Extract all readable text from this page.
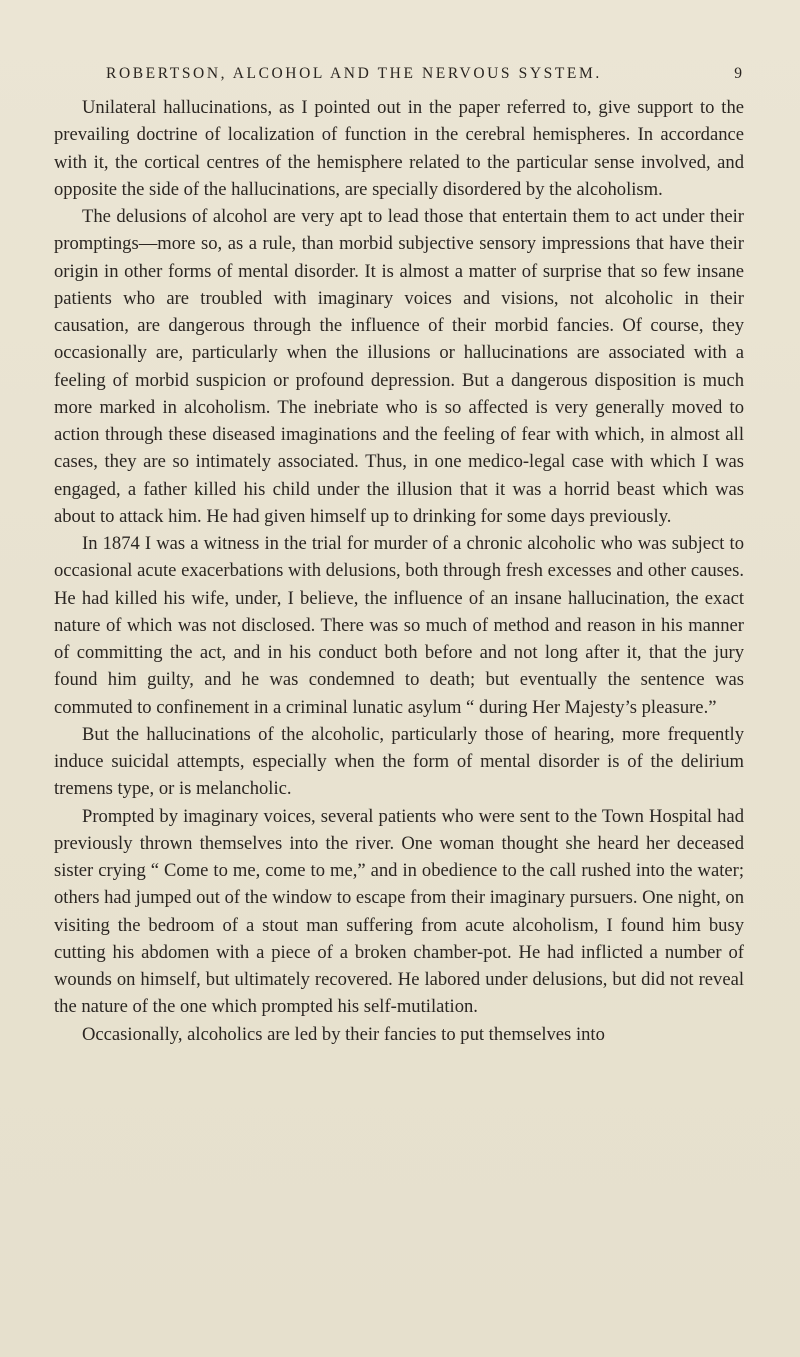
ROBERTSON, ALCOHOL AND THE NERVOUS SYSTEM.	9

Unilateral hallucinations, as I pointed out in the paper referred to, give support to the prevailing doctrine of localization of function in the cerebral hemispheres. In accordance with it, the cortical centres of the hemisphere related to the particular sense involved, and opposite the side of the hallucinations, are specially disordered by the alcoholism.

The delusions of alcohol are very apt to lead those that entertain them to act under their promptings—more so, as a rule, than morbid subjective sensory impressions that have their origin in other forms of mental disorder. It is almost a matter of surprise that so few insane patients who are troubled with imaginary voices and visions, not alcoholic in their causation, are dangerous through the influence of their morbid fancies. Of course, they occasionally are, particularly when the illusions or hallucinations are associated with a feeling of morbid suspicion or profound depression. But a dangerous disposition is much more marked in alcoholism. The inebriate who is so affected is very generally moved to action through these diseased imaginations and the feeling of fear with which, in almost all cases, they are so intimately associated. Thus, in one medico-legal case with which I was engaged, a father killed his child under the illusion that it was a horrid beast which was about to attack him. He had given himself up to drinking for some days previously.

In 1874 I was a witness in the trial for murder of a chronic alcoholic who was subject to occasional acute exacerbations with delusions, both through fresh excesses and other causes. He had killed his wife, under, I believe, the influence of an insane hallucination, the exact nature of which was not disclosed. There was so much of method and reason in his manner of committing the act, and in his conduct both before and not long after it, that the jury found him guilty, and he was condemned to death; but eventually the sentence was commuted to confinement in a criminal lunatic asylum “ during Her Majesty’s pleasure.”

But the hallucinations of the alcoholic, particularly those of hearing, more frequently induce suicidal attempts, especially when the form of mental disorder is of the delirium tremens type, or is melancholic.

Prompted by imaginary voices, several patients who were sent to the Town Hospital had previously thrown themselves into the river. One woman thought she heard her deceased sister crying “ Come to me, come to me,” and in obedience to the call rushed into the water; others had jumped out of the window to escape from their imaginary pursuers. One night, on visiting the bedroom of a stout man suffering from acute alcoholism, I found him busy cutting his abdomen with a piece of a broken chamber-pot. He had inflicted a number of wounds on himself, but ultimately recovered. He labored under delusions, but did not reveal the nature of the one which prompted his self-mutilation.

Occasionally, alcoholics are led by their fancies to put themselves into
